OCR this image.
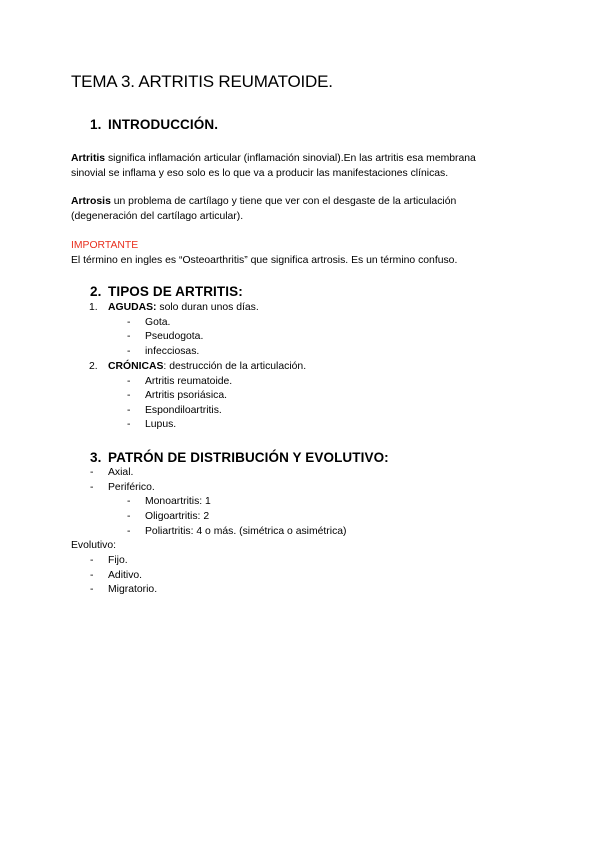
TEMA 3. ARTRITIS REUMATOIDE.
1. INTRODUCCIÓN.

Artritis significa inflamación articular (inflamación sinovial).En las artritis esa membrana sinovial se inflama y eso solo es lo que va a producir las manifestaciones clínicas.

Artrosis un problema de cartílago y tiene que ver con el desgaste de la articulación (degeneración del cartílago articular).

IMPORTANTE

El término en ingles es “Osteoarthritis” que significa artrosis. Es un término confuso.

2. TIPOS DE ARTRITIS:
1. AGUDAS: solo duran unos días.
- Gota.
- Pseudogota.
- infecciosas.
2. CRÓNICAS: destrucción de la articulación.
- Artritis reumatoide.
- Artritis psoriásica.
- Espondiloartritis.
- Lupus.
3. PATRÓN DE DISTRIBUCIÓN Y EVOLUTIVO:
- Axial.
- Periférico.
- Monoartritis: 1
- Oligoartritis: 2
- Poliartritis: 4 o más. (simétrica o asimétrica)
Evolutivo:
- Fijo.
- Aditivo.
- Migratorio.
